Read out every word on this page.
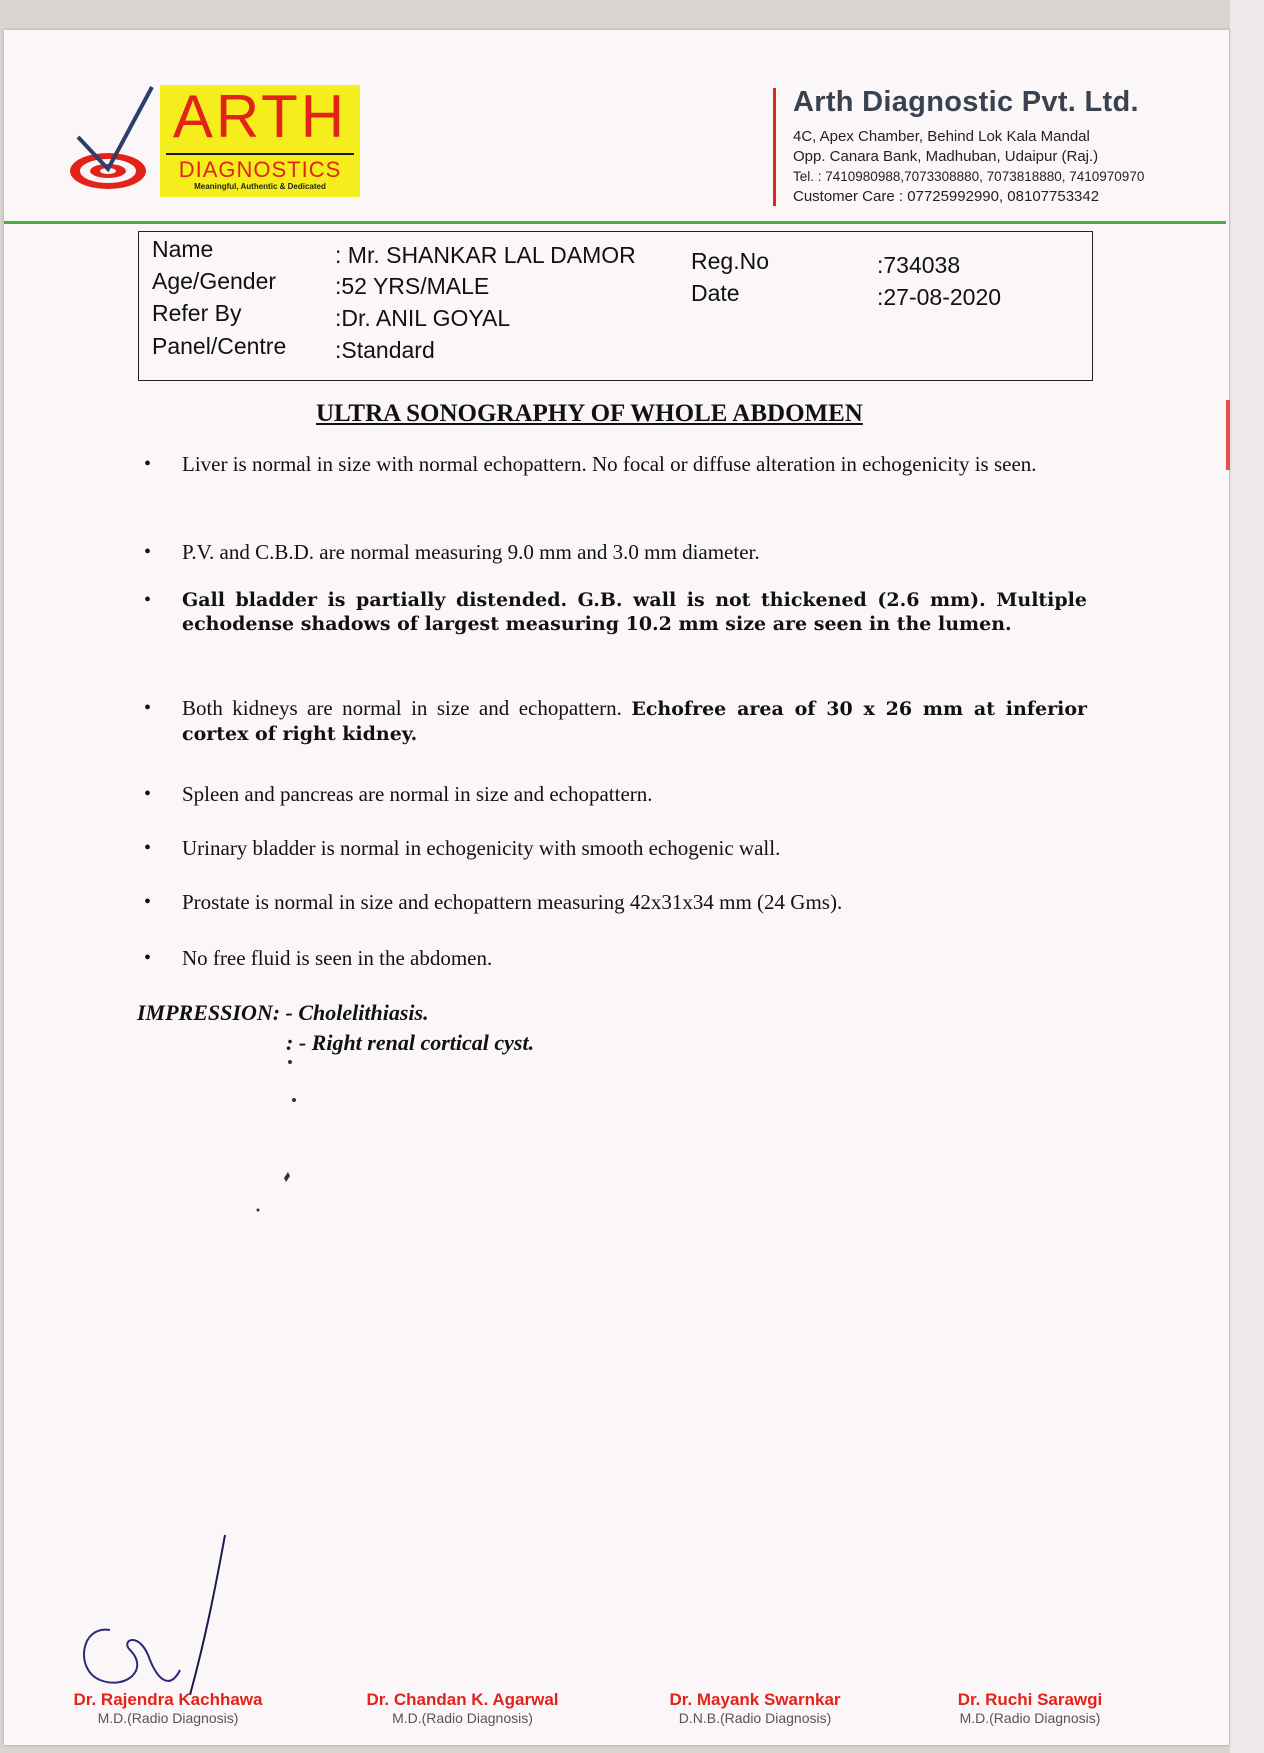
ARTH
DIAGNOSTICS
Meaningful, Authentic & Dedicated
Arth Diagnostic Pvt. Ltd.
4C, Apex Chamber, Behind Lok Kala Mandal
Opp. Canara Bank, Madhuban, Udaipur (Raj.)
Tel. : 7410980988,7073308880, 7073818880, 7410970970
Customer Care : 07725992990, 08107753342
Name	: Mr. SHANKAR LAL DAMOR
Age/Gender	:52 YRS/MALE
Refer By	:Dr. ANIL GOYAL
Panel/Centre :Standard
Reg.No	:734038
Date	:27-08-2020
ULTRA SONOGRAPHY OF WHOLE ABDOMEN
• Liver is normal in size with normal echopattern. No focal or diffuse alteration in echogenicity is seen.
• P.V. and C.B.D. are normal measuring 9.0 mm and 3.0 mm diameter.
• Gall bladder is partially distended. G.B. wall is not thickened (2.6 mm). Multiple echodense shadows of largest measuring 10.2 mm size are seen in the lumen.
• Both kidneys are normal in size and echopattern. Echofree area of 30 x 26 mm at inferior cortex of right kidney.
• Spleen and pancreas are normal in size and echopattern.
• Urinary bladder is normal in echogenicity with smooth echogenic wall.
• Prostate is normal in size and echopattern measuring 42x31x34 mm (24 Gms).
• No free fluid is seen in the abdomen.
IMPRESSION: - Cholelithiasis.
: - Right renal cortical cyst.
Dr. Rajendra Kachhawa
M.D.(Radio Diagnosis)
Dr. Chandan K. Agarwal
M.D.(Radio Diagnosis)
Dr. Mayank Swarnkar
D.N.B.(Radio Diagnosis)
Dr. Ruchi Sarawgi
M.D.(Radio Diagnosis)
